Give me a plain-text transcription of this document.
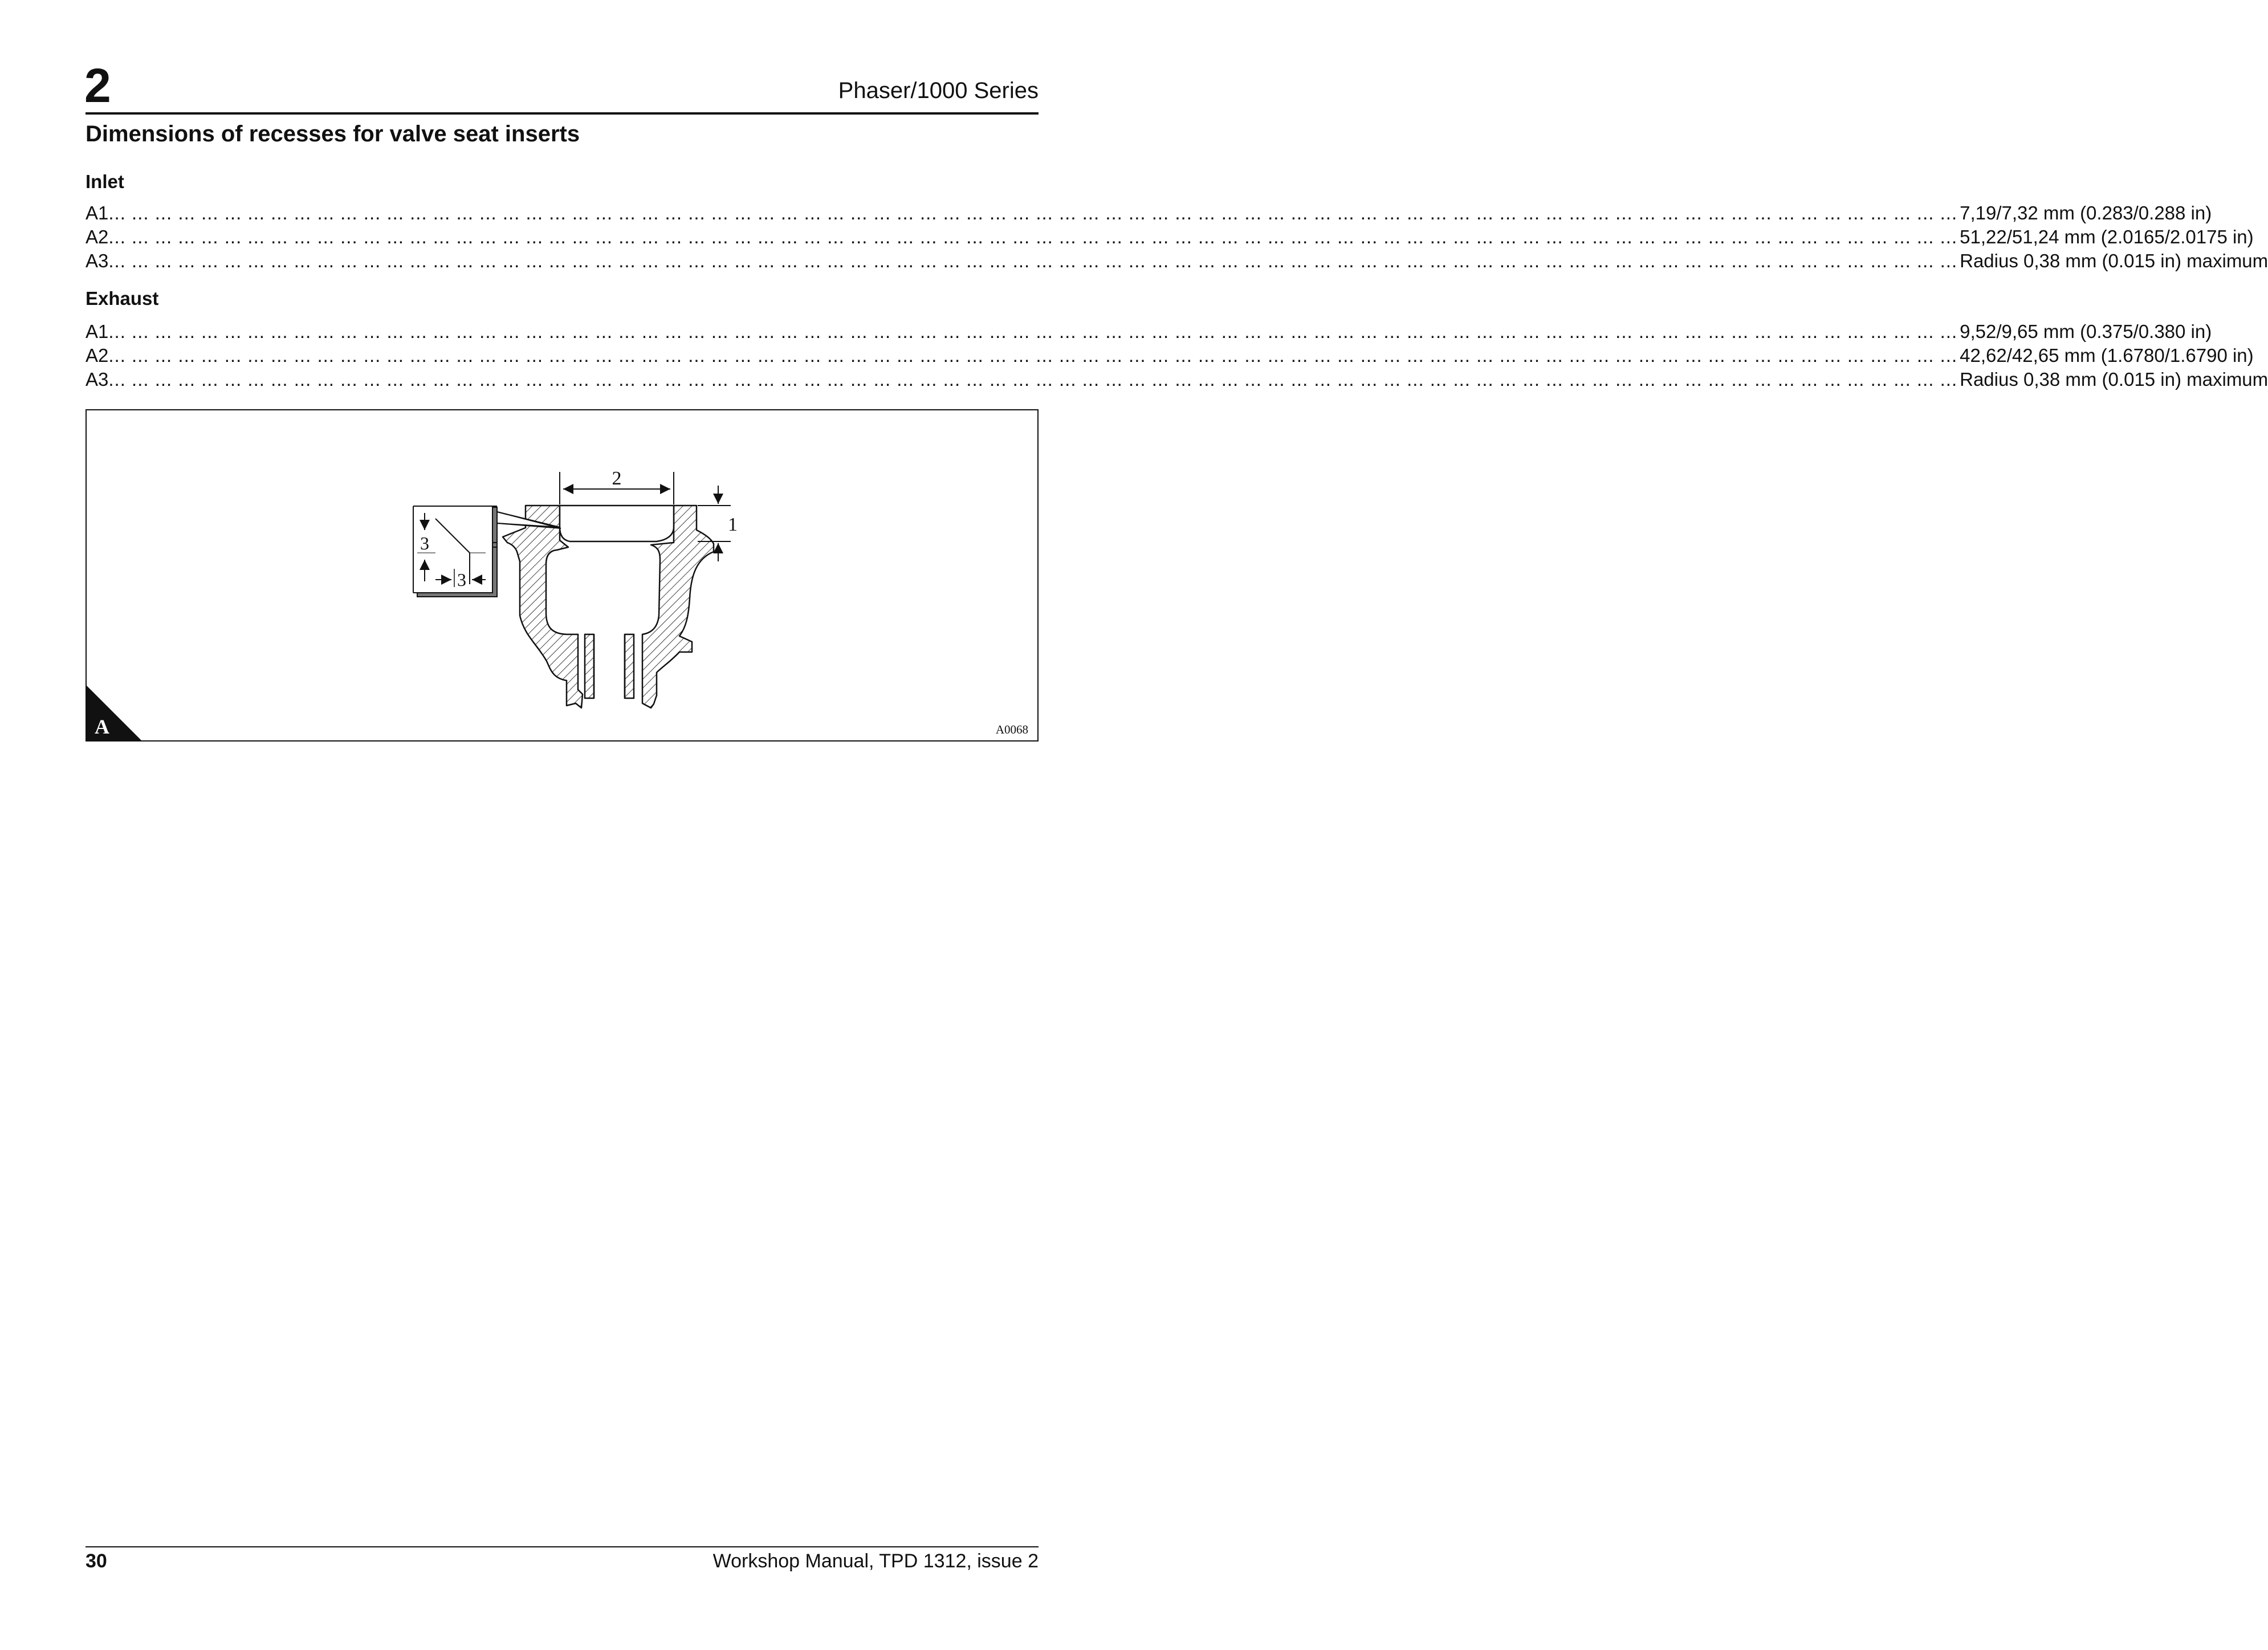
2	Phaser/1000 Series
Dimensions of recesses for valve seat inserts
Inlet
A1 ... ... ... ... ... ... ... ... ... ... ... ... ... ... ... ... ... ... ... ... ... ... ... ... ... ... ... ... ... ... ... ... ... ... ... ... ... ... ... ... ... ... ... ... ... ... ... ... ... ... ... ... ... ... ... ... ... ... ... ... ... ... ... ... ... ... ... ... ... ... ... ... ... ... ... ... ... ... ... ... 7,19/7,32 mm (0.283/0.288 in)
A2 ... ... ... ... ... ... ... ... ... ... ... ... ... ... ... ... ... ... ... ... ... ... ... ... ... ... ... ... ... ... ... ... ... ... ... ... ... ... ... ... ... ... ... ... ... ... ... ... ... ... ... ... ... ... ... ... ... ... ... ... ... ... ... ... ... ... ... ... ... ... ... ... ... ... ... ... ... ... ... ... 51,22/51,24 mm (2.0165/2.0175 in)
A3 ... ... ... ... ... ... ... ... ... ... ... ... ... ... ... ... ... ... ... ... ... ... ... ... ... ... ... ... ... ... ... ... ... ... ... ... ... ... ... ... ... ... ... ... ... ... ... ... ... ... ... ... ... ... ... ... ... ... ... ... ... ... ... ... ... ... ... ... ... ... ... ... ... ... ... ... ... ... ... ... Radius 0,38 mm (0.015 in) maximum
Exhaust
A1 ... ... ... ... ... ... ... ... ... ... ... ... ... ... ... ... ... ... ... ... ... ... ... ... ... ... ... ... ... ... ... ... ... ... ... ... ... ... ... ... ... ... ... ... ... ... ... ... ... ... ... ... ... ... ... ... ... ... ... ... ... ... ... ... ... ... ... ... ... ... ... ... ... ... ... ... ... ... ... ... 9,52/9,65 mm (0.375/0.380 in)
A2 ... ... ... ... ... ... ... ... ... ... ... ... ... ... ... ... ... ... ... ... ... ... ... ... ... ... ... ... ... ... ... ... ... ... ... ... ... ... ... ... ... ... ... ... ... ... ... ... ... ... ... ... ... ... ... ... ... ... ... ... ... ... ... ... ... ... ... ... ... ... ... ... ... ... ... ... ... ... ... ... 42,62/42,65 mm (1.6780/1.6790 in)
A3 ... ... ... ... ... ... ... ... ... ... ... ... ... ... ... ... ... ... ... ... ... ... ... ... ... ... ... ... ... ... ... ... ... ... ... ... ... ... ... ... ... ... ... ... ... ... ... ... ... ... ... ... ... ... ... ... ... ... ... ... ... ... ... ... ... ... ... ... ... ... ... ... ... ... ... ... ... ... ... ... Radius 0,38 mm (0.015 in) maximum
2
1
3
3
A	A0068
30	Workshop Manual, TPD 1312, issue 2
